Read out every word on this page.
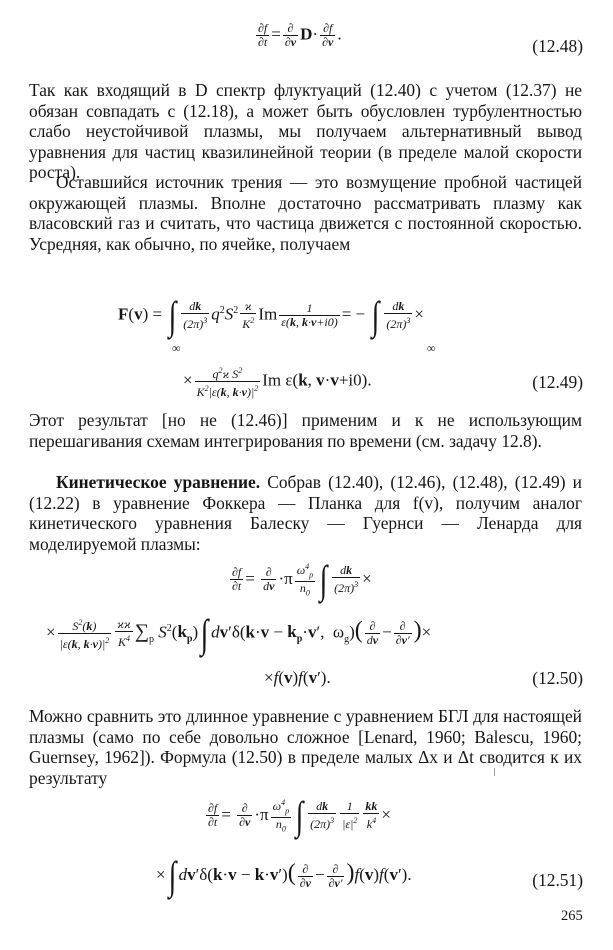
$\frac{\partial f}{\partial t} = \frac{\partial}{\partial v} D\cdot \frac{\partial f}{\partial v}$ .
(12.48)

Так как входящий в D спектр флуктуаций (12.40) с учетом (12.37) не обязан совпадать с (12.18), а может быть обусловлен турбулентностью слабо неустойчивой плазмы, мы получаем альтернативный вывод уравнения для частиц квазилинейной теории (в пределе малой скорости роста).

Оставшийся источник трения — это возмущение пробной частицей окружающей плазмы. Вполне достаточно рассматривать плазму как власовский газ и считать, что частица движется с постоянной скоростью. Усредняя, как обычно, по ячейке, получаем

F(v) = ∫ $\frac{dk}{(2\pi)^3} q^2S^2 \frac{ϰ}{K^2}$ Im $\frac{1}{\varepsilon(k, k\cdot v+i0)}$ = − ∫ $\frac{dk}{(2\pi)^3}$ ×
∞	∞
× $\frac{q^2ϰ S^2}{K^2|\varepsilon(k, k\cdot v)|^2}$ Im ε(k, v·v+i0).	(12.49)

Этот результат [но не (12.46)] применим и к не использующим перешагивания схемам интегрирования по времени (см. задачу 12.8).

Кинетическое уравнение. Собрав (12.40), (12.46), (12.48), (12.49) и (12.22) в уравнение Фоккера — Планка для f(v), получим аналог кинетического уравнения Балеску — Гуернси — Ленарда для моделируемой плазмы:

$\frac{\partial f}{\partial t} = \frac{\partial}{dv} \cdot\pi \frac{\omega^4_p}{n_0}$ ∫ $\frac{dk}{(2\pi)^3}$ ×
× $\frac{S^2(k)}{|\varepsilon(k, k\cdot v)|^2} \frac{ϰϰ}{K^4} \sum_p$ $S^2(k_p)\int$ $dv'\delta(k\cdot v - k_p\cdot v'$,  $\omega_g)( \frac{\partial}{dv} - \frac{\partial}{\partial v'}$ )×
×f(v)f(v′).	(12.50)

Можно сравнить это длинное уравнение с уравнением БГЛ для настоящей плазмы (само по себе довольно сложное [Lenard, 1960; Balescu, 1960; Guernsey, 1962]). Формула (12.50) в пределе малых Δx и Δt сводится к их результату

$\frac{\partial f}{\partial t} = \frac{\partial}{\partial v} \cdot\pi \frac{\omega^4_p}{n_0}$ ∫ $\frac{dk}{(2\pi)^3} \frac{1}{|\varepsilon|^2} \frac{kk}{k^4}$ ×
×∫ $dv'\delta(k\cdot v - k\cdot v')( \frac{\partial}{\partial v} - \frac{\partial}{\partial v'} )f(v)f(v')$.	(12.51)
265
